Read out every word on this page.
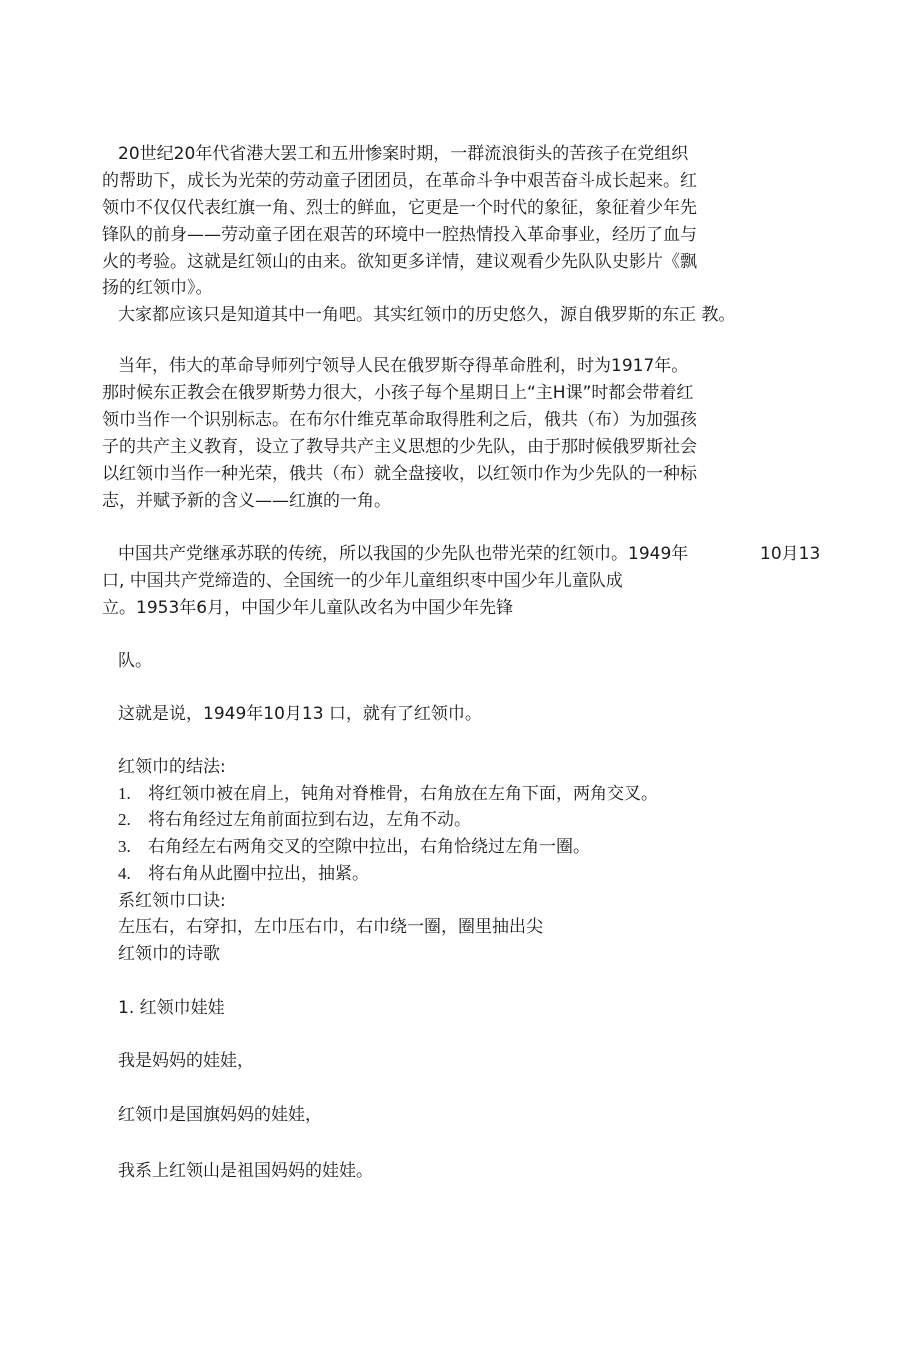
20世纪20年代省港大罢工和五卅惨案时期，一群流浪街头的苦孩子在党组织
的帮助下，成长为光荣的劳动童子团团员，在革命斗争中艰苦奋斗成长起来。红
领巾不仅仅代表红旗一角、烈士的鲜血，它更是一个时代的象征，象征着少年先
锋队的前身——劳动童子团在艰苦的环境中一腔热情投入革命事业，经历了血与
火的考验。这就是红领山的由来。欲知更多详情，建议观看少先队队史影片《飘
扬的红领巾》。
大家都应该只是知道其中一角吧。其实红领巾的历史悠久，源自俄罗斯的东正 教。
当年，伟大的革命导师列宁领导人民在俄罗斯夺得革命胜利，时为1917年。
那时候东正教会在俄罗斯势力很大，小孩子每个星期日上“主H课”时都会带着红
领巾当作一个识别标志。在布尔什维克革命取得胜利之后，俄共（布）为加强孩
子的共产主义教育，设立了教导共产主义思想的少先队，由于那时候俄罗斯社会
以红领巾当作一种光荣，俄共（布）就全盘接收，以红领巾作为少先队的一种标
志，并赋予新的含义——红旗的一角。
中国共产党继承苏联的传统，所以我国的少先队也带光荣的红领巾。1949年	10月13
口, 中国共产党缔造的、全国统一的少年儿童组织枣中国少年儿童队成
立。1953年6月，中国少年儿童队改名为中国少年先锋
队。
这就是说，1949年10月13 口，就有了红领巾。
红领巾的结法:
1. 将红领巾被在肩上，钝角对脊椎骨，右角放在左角下面，两角交叉。
2. 将右角经过左角前面拉到右边，左角不动。
3. 右角经左右两角交叉的空隙中拉出，右角恰绕过左角一圈。
4. 将右角从此圈中拉出，抽紧。
系红领巾口诀:
左压右，右穿扣，左巾压右巾，右巾绕一圈，圈里抽出尖
红领巾的诗歌
1. 红领巾娃娃
我是妈妈的娃娃，
红领巾是国旗妈妈的娃娃，
我系上红领山是祖国妈妈的娃娃。
